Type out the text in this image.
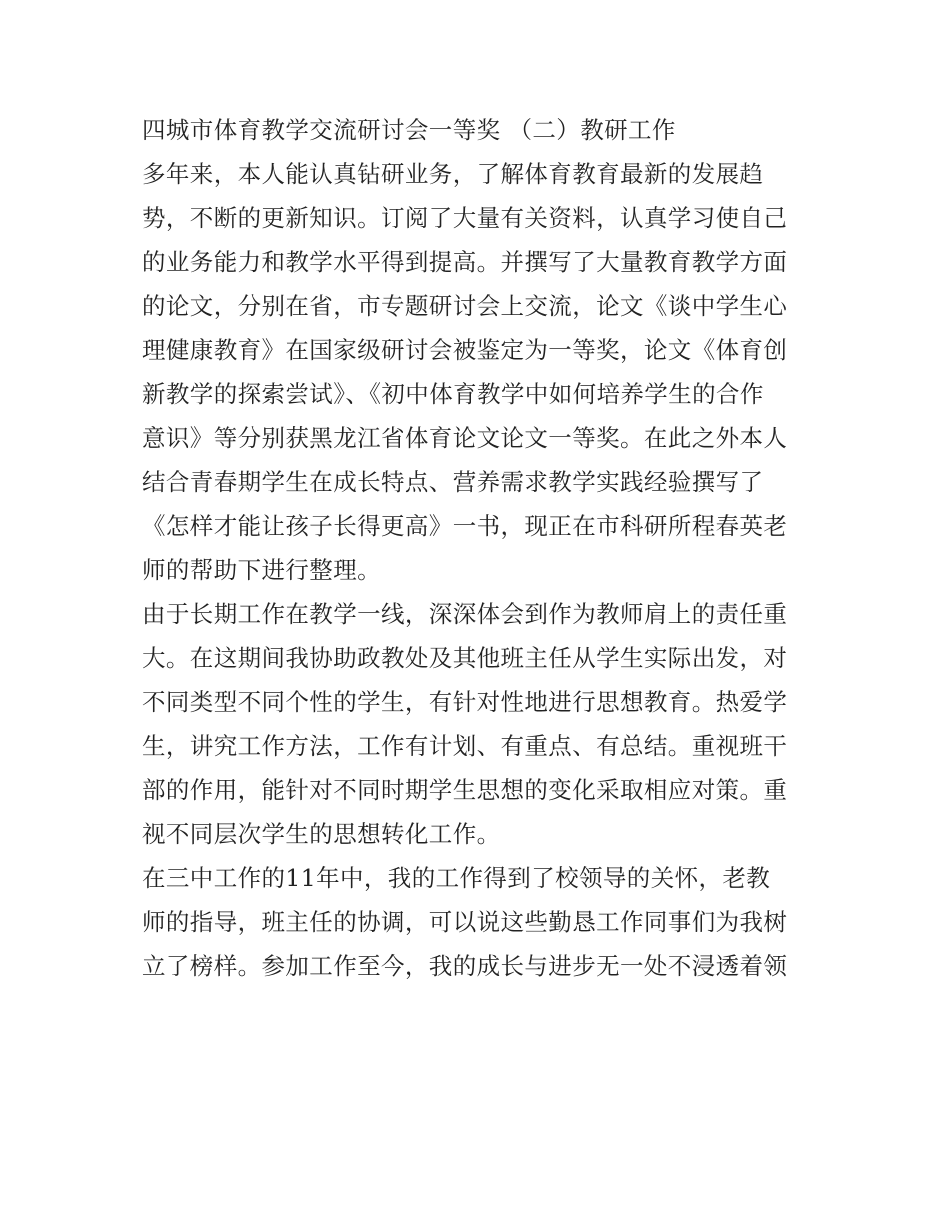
四城市体育教学交流研讨会一等奖 （二）教研工作
多年来，本人能认真钻研业务，了解体育教育最新的发展趋
势，不断的更新知识。订阅了大量有关资料，认真学习使自己
的业务能力和教学水平得到提高。并撰写了大量教育教学方面
的论文，分别在省，市专题研讨会上交流，论文《谈中学生心
理健康教育》在国家级研讨会被鉴定为一等奖，论文《体育创
新教学的探索尝试》、《初中体育教学中如何培养学生的合作
意识》等分别获黑龙江省体育论文论文一等奖。在此之外本人
结合青春期学生在成长特点、营养需求教学实践经验撰写了
《怎样才能让孩子长得更高》一书，现正在市科研所程春英老
师的帮助下进行整理。
由于长期工作在教学一线，深深体会到作为教师肩上的责任重
大。在这期间我协助政教处及其他班主任从学生实际出发，对
不同类型不同个性的学生，有针对性地进行思想教育。热爱学
生，讲究工作方法，工作有计划、有重点、有总结。重视班干
部的作用，能针对不同时期学生思想的变化采取相应对策。重
视不同层次学生的思想转化工作。
在三中工作的11年中，我的工作得到了校领导的关怀，老教
师的指导，班主任的协调，可以说这些勤恳工作同事们为我树
立了榜样。参加工作至今，我的成长与进步无一处不浸透着领
